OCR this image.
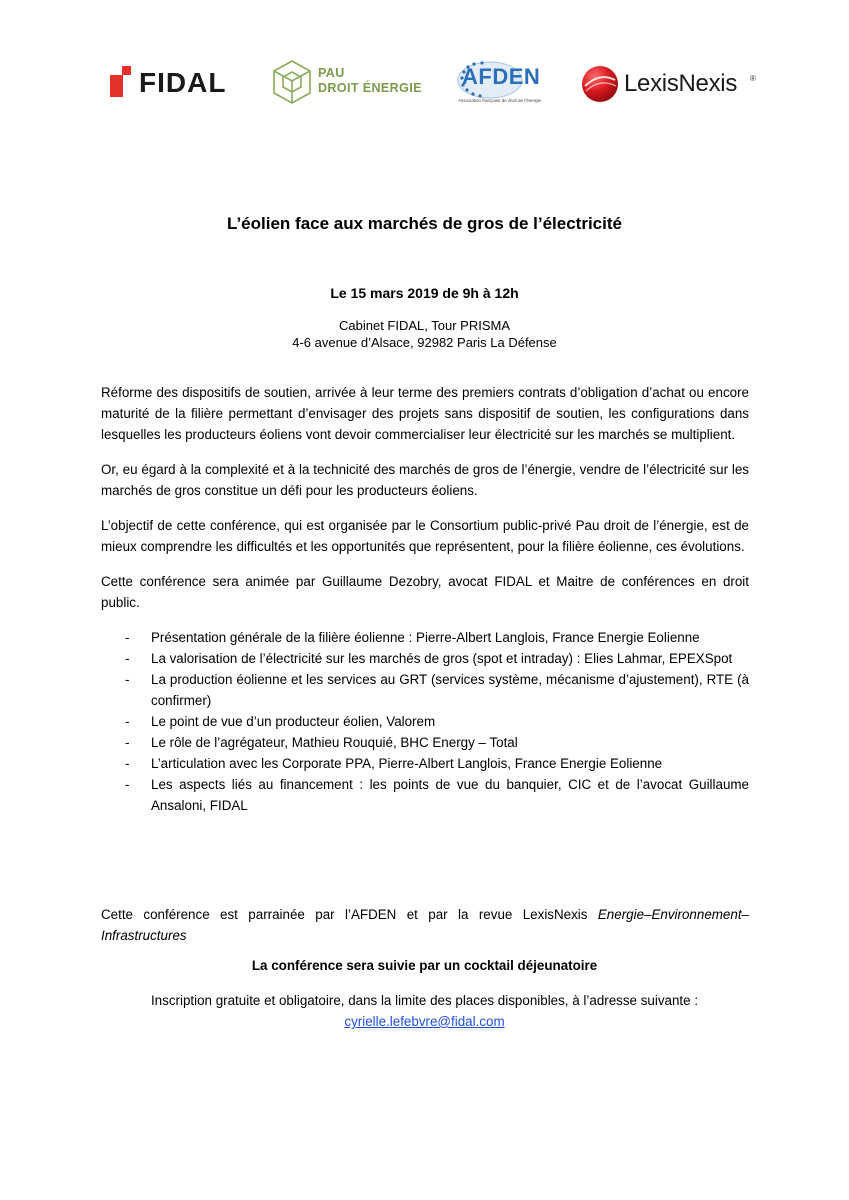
FIDAL	PAU
DROIT ÉNERGIE AFDEN
Association française de droit de l'énergie
LexisNexis ®
L’éolien face aux marchés de gros de l’électricité
Le 15 mars 2019 de 9h à 12h
Cabinet FIDAL, Tour PRISMA
4-6 avenue d’Alsace, 92982 Paris La Défense

Réforme des dispositifs de soutien, arrivée à leur terme des premiers contrats d’obligation d’achat ou encore maturité de la filière permettant d’envisager des projets sans dispositif de soutien, les configurations dans lesquelles les producteurs éoliens vont devoir commercialiser leur électricité sur les marchés se multiplient.

Or, eu égard à la complexité et à la technicité des marchés de gros de l’énergie, vendre de l’électricité sur les marchés de gros constitue un défi pour les producteurs éoliens.

L’objectif de cette conférence, qui est organisée par le Consortium public-privé Pau droit de l’énergie, est de mieux comprendre les difficultés et les opportunités que représentent, pour la filière éolienne, ces évolutions.

Cette conférence sera animée par Guillaume Dezobry, avocat FIDAL et Maitre de conférences en droit public.

- Présentation générale de la filière éolienne : Pierre-Albert Langlois, France Energie Eolienne
- La valorisation de l’électricité sur les marchés de gros (spot et intraday) : Elies Lahmar, EPEXSpot
- La production éolienne et les services au GRT (services système, mécanisme d’ajustement), RTE (à confirmer)
- Le point de vue d’un producteur éolien, Valorem
- Le rôle de l’agrégateur, Mathieu Rouquié, BHC Energy – Total
- L’articulation avec les Corporate PPA, Pierre-Albert Langlois, France Energie Eolienne
- Les aspects liés au financement : les points de vue du banquier, CIC et de l’avocat Guillaume Ansaloni, FIDAL
Cette conférence est parrainée par l’AFDEN et par la revue LexisNexis Energie–Environnement–Infrastructures
La conférence sera suivie par un cocktail déjeunatoire
Inscription gratuite et obligatoire, dans la limite des places disponibles, à l’adresse suivante :
cyrielle.lefebvre@fidal.com
